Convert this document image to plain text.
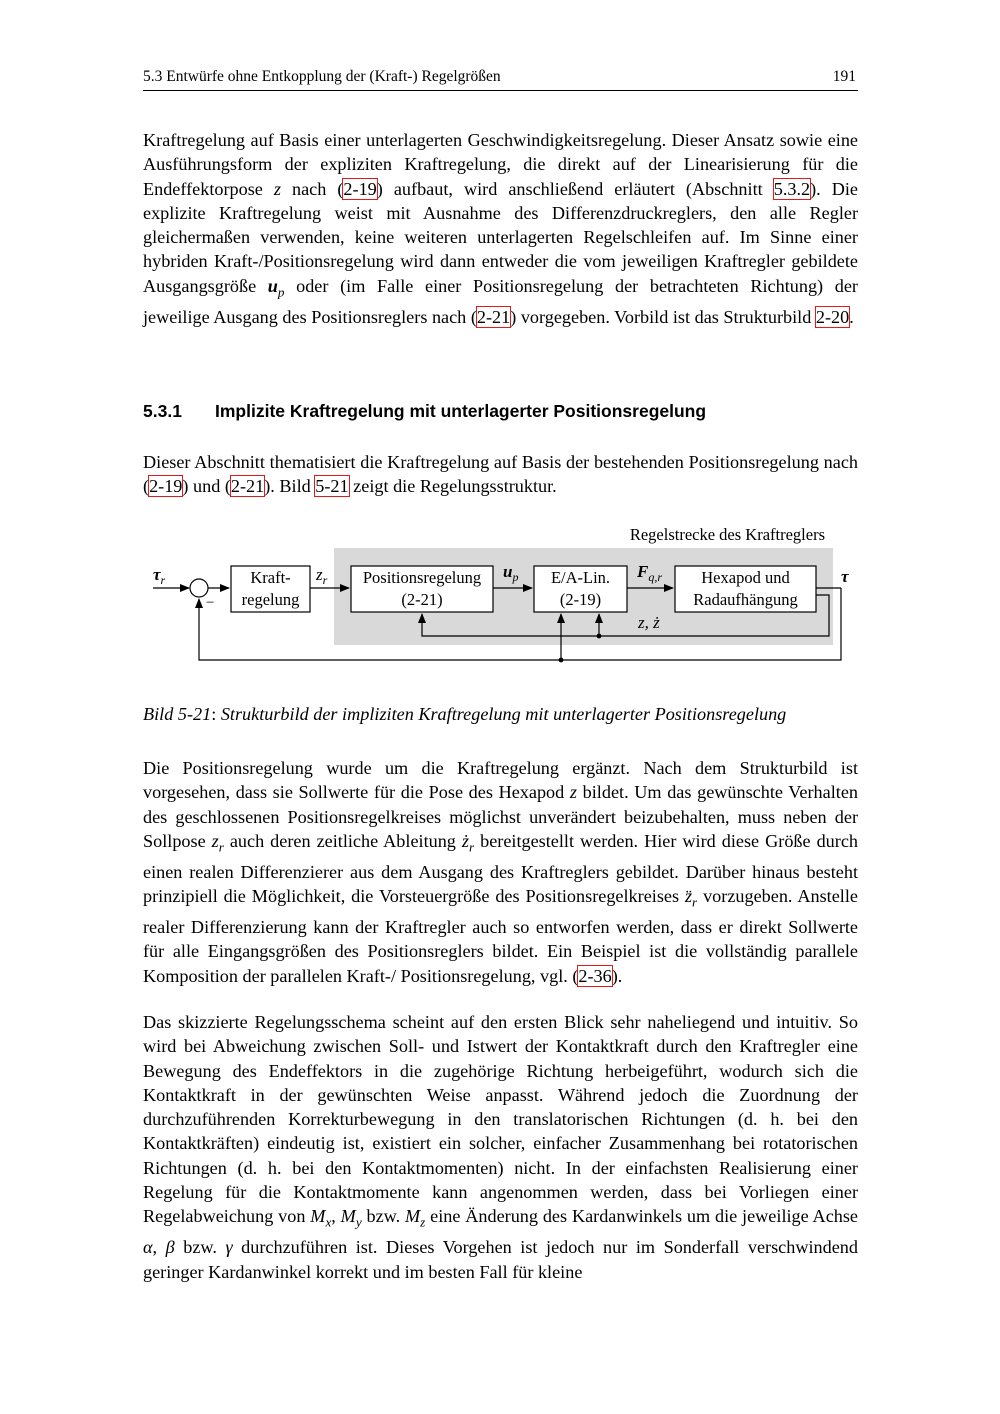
5.3 Entwürfe ohne Entkopplung der (Kraft-) Regelgrößen	191

Kraftregelung auf Basis einer unterlagerten Geschwindigkeitsregelung. Dieser Ansatz sowie eine Ausführungsform der expliziten Kraftregelung, die direkt auf der Linearisierung für die Endeffektorpose z nach (2-19) aufbaut, wird anschließend erläutert (Abschnitt 5.3.2). Die explizite Kraftregelung weist mit Ausnahme des Differenzdruckreglers, den alle Regler gleichermaßen verwenden, keine weiteren unterlagerten Regelschleifen auf. Im Sinne einer hybriden Kraft-/Positionsregelung wird dann entweder die vom jeweiligen Kraftregler gebildete Ausgangsgröße $u_p$ oder (im Falle einer Positionsregelung der betrachteten Richtung) der jeweilige Ausgang des Positionsreglers nach (2-21) vorgegeben. Vorbild ist das Strukturbild 2-20.

5.3.1 Implizite Kraftregelung mit unterlagerter Positionsregelung

Dieser Abschnitt thematisiert die Kraftregelung auf Basis der bestehenden Positionsregelung nach (2-19) und (2-21). Bild 5-21 zeigt die Regelungsstruktur.

Regelstrecke des Kraftreglers
$\tau_r$
−
Kraft-
regelung
$z_r$ Positionsregelung
(2-21)
$u_p$ E/A-Lin.
(2-19)
$F_{q,r}$ Hexapod und
Radaufhängung
τ
z, ż
Bild 5-21: Strukturbild der impliziten Kraftregelung mit unterlagerter Positionsregelung

Die Positionsregelung wurde um die Kraftregelung ergänzt. Nach dem Strukturbild ist vorgesehen, dass sie Sollwerte für die Pose des Hexapod z bildet. Um das gewünschte Verhalten des geschlossenen Positionsregelkreises möglichst unverändert beizubehalten, muss neben der Sollpose $z_r$ auch deren zeitliche Ableitung $ż_r$ bereitgestellt werden. Hier wird diese Größe durch einen realen Differenzierer aus dem Ausgang des Kraftreglers gebildet. Darüber hinaus besteht prinzipiell die Möglichkeit, die Vorsteuergröße des Positionsregelkreises $z̈_r$ vorzugeben. Anstelle realer Differenzierung kann der Kraftregler auch so entworfen werden, dass er direkt Sollwerte für alle Eingangsgrößen des Positionsreglers bildet. Ein Beispiel ist die vollständig parallele Komposition der parallelen Kraft-/ Positionsregelung, vgl. (2-36).

Das skizzierte Regelungsschema scheint auf den ersten Blick sehr naheliegend und intuitiv. So wird bei Abweichung zwischen Soll- und Istwert der Kontaktkraft durch den Kraftregler eine Bewegung des Endeffektors in die zugehörige Richtung herbeigeführt, wodurch sich die Kontaktkraft in der gewünschten Weise anpasst. Während jedoch die Zuordnung der durchzuführenden Korrekturbewegung in den translatorischen Richtungen (d. h. bei den Kontaktkräften) eindeutig ist, existiert ein solcher, einfacher Zusammenhang bei rotatorischen Richtungen (d. h. bei den Kontaktmomenten) nicht. In der einfachsten Realisierung einer Regelung für die Kontaktmomente kann angenommen werden, dass bei Vorliegen einer Regelabweichung von $M_x$, $M_y$ bzw. $M_z$ eine Änderung des Kardanwinkels um die jeweilige Achse α, β bzw. γ durchzuführen ist. Dieses Vorgehen ist jedoch nur im Sonderfall verschwindend geringer Kardanwinkel korrekt und im besten Fall für kleine
